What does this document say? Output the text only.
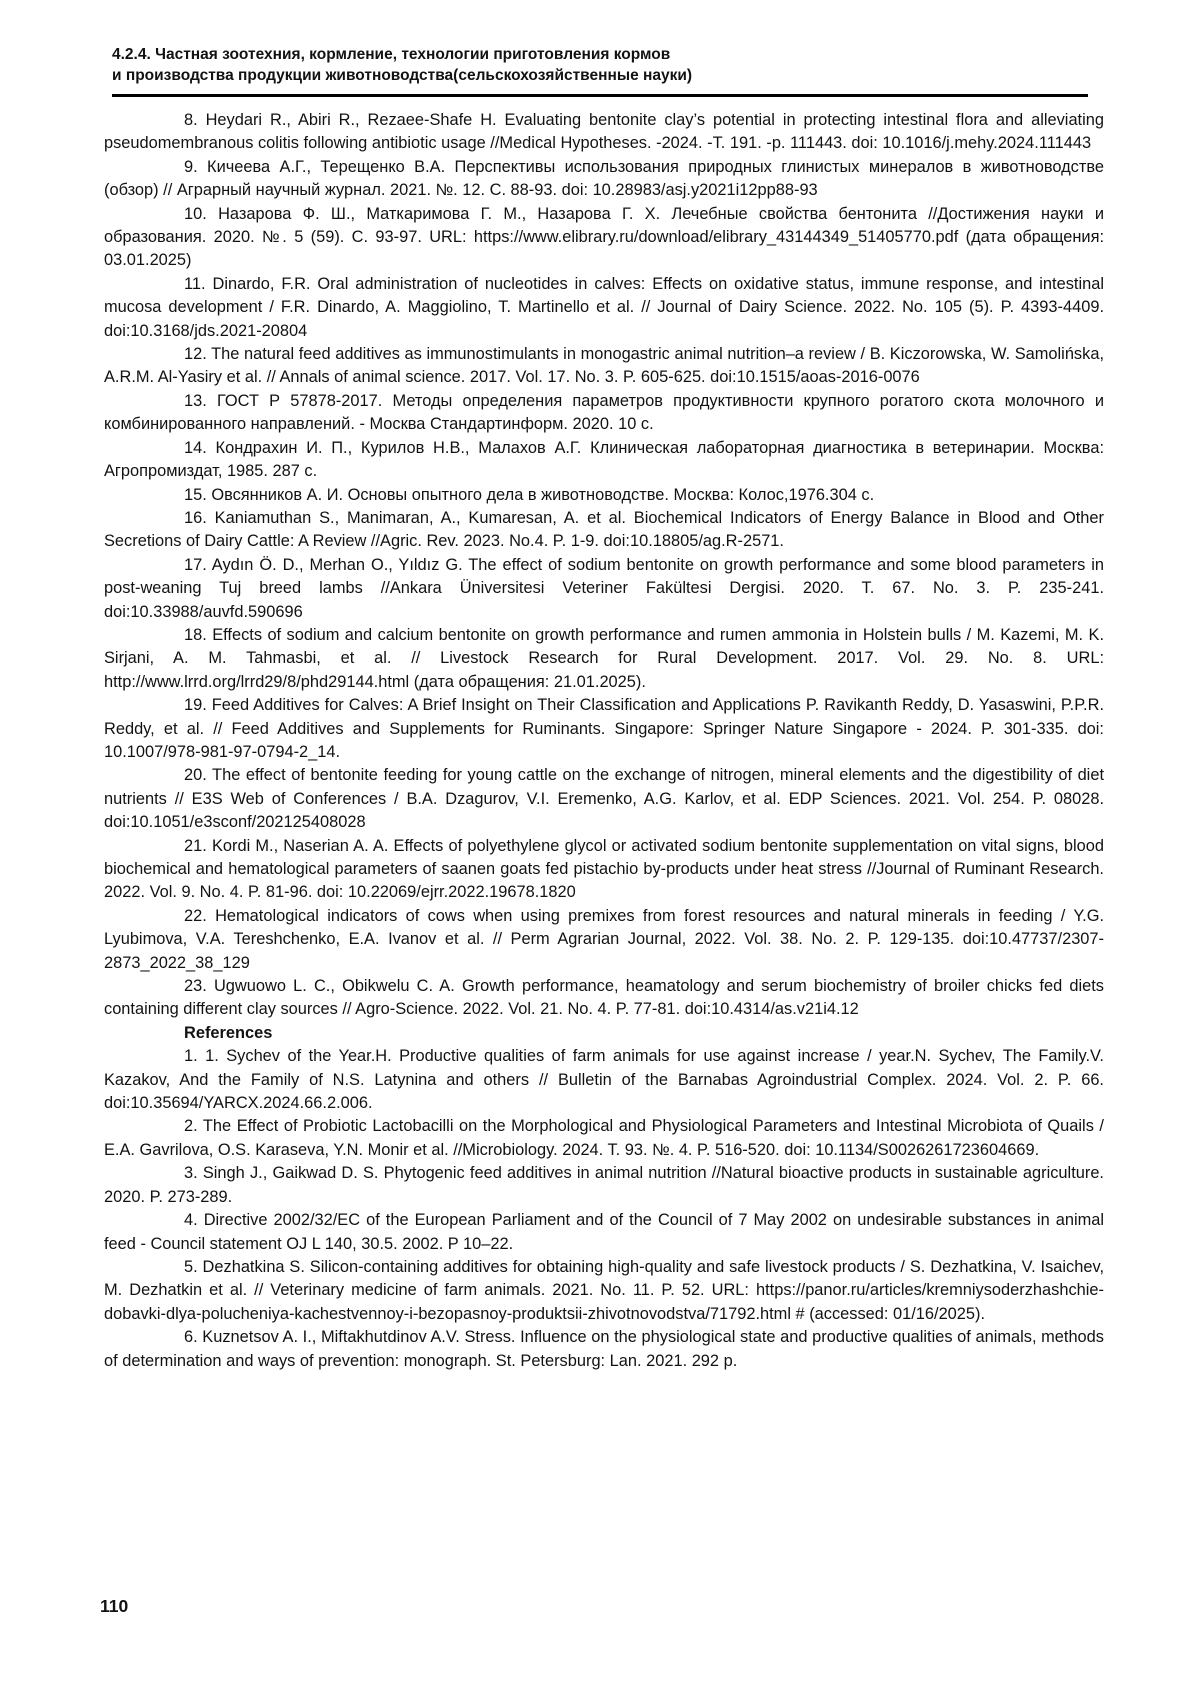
4.2.4. Частная зоотехния, кормление, технологии приготовления кормов
и производства продукции животноводства(сельскохозяйственные науки)

8. Heydari R., Abiri R., Rezaee-Shafe H. Evaluating bentonite clay’s potential in protecting intestinal flora and alleviating pseudomembranous colitis following antibiotic usage //Medical Hypotheses. -2024. -Т. 191. -p. 111443. doi: 10.1016/j.mehy.2024.111443

9. Кичеева А.Г., Терещенко В.А. Перспективы использования природных глинистых минералов в животноводстве (обзор) // Аграрный научный журнал. 2021. №. 12. С. 88-93. doi: 10.28983/asj.y2021i12pp88-93

10. Назарова Ф. Ш., Маткаримова Г. М., Назарова Г. Х. Лечебные свойства бентонита //Достижения науки и образования. 2020. №. 5 (59). С. 93-97. URL: https://www.elibrary.ru/download/elibrary_43144349_51405770.pdf (дата обращения: 03.01.2025)

11. Dinardo, F.R. Oral administration of nucleotides in calves: Effects on oxidative status, immune response, and intestinal mucosa development / F.R. Dinardo, A. Maggiolino, T. Martinello et al. // Journal of Dairy Science. 2022. No. 105 (5). P. 4393-4409. doi:10.3168/jds.2021-20804

12. The natural feed additives as immunostimulants in monogastric animal nutrition–a review / B. Kiczorowska, W. Samolińska, A.R.M. Al-Yasiry et al. // Annals of animal science. 2017. Vol. 17. No. 3. P. 605-625. doi:10.1515/aoas-2016-0076

13. ГОСТ Р 57878-2017. Методы определения параметров продуктивности крупного рогатого скота молочного и комбинированного направлений. - Москва Стандартинформ. 2020. 10 с.

14. Кондрахин И. П., Курилов Н.В., Малахов А.Г. Клиническая лабораторная диагностика в ветеринарии. Москва: Агропромиздат, 1985. 287 с.

15. Овсянников А. И. Основы опытного дела в животноводстве. Москва: Колос,1976.304 с.

16. Kaniamuthan S., Manimaran, A., Kumaresan, A. et al. Biochemical Indicators of Energy Balance in Blood and Other Secretions of Dairy Cattle: A Review //Agric. Rev. 2023. No.4. P. 1-9. doi:10.18805/ag.R-2571.

17. Aydın Ö. D., Merhan O., Yıldız G. The effect of sodium bentonite on growth performance and some blood parameters in post-weaning Tuj breed lambs //Ankara Üniversitesi Veteriner Fakültesi Dergisi. 2020. T. 67. No. 3. P. 235-241. doi:10.33988/auvfd.590696

18. Effects of sodium and calcium bentonite on growth performance and rumen ammonia in Holstein bulls / M. Kazemi, M. K. Sirjani, A. M. Tahmasbi, et al. // Livestock Research for Rural Development. 2017. Vol. 29. No. 8. URL: http://www.lrrd.org/lrrd29/8/phd29144.html (дата обращения: 21.01.2025).

19. Feed Additives for Calves: A Brief Insight on Their Classification and Applications P. Ravikanth Reddy, D. Yasaswini, P.P.R. Reddy, et al. // Feed Additives and Supplements for Ruminants. Singapore: Springer Nature Singapore - 2024. P. 301-335. doi: 10.1007/978-981-97-0794-2_14.

20. The effect of bentonite feeding for young cattle on the exchange of nitrogen, mineral elements and the digestibility of diet nutrients // E3S Web of Conferences / B.A. Dzagurov, V.I. Eremenko, A.G. Karlov, et al. EDP Sciences. 2021. Vol. 254. P. 08028. doi:10.1051/e3sconf/202125408028

21. Kordi M., Naserian A. A. Effects of polyethylene glycol or activated sodium bentonite supplementation on vital signs, blood biochemical and hematological parameters of saanen goats fed pistachio by-products under heat stress //Journal of Ruminant Research. 2022. Vol. 9. No. 4. P. 81-96. doi: 10.22069/ejrr.2022.19678.1820

22. Hematological indicators of cows when using premixes from forest resources and natural minerals in feeding / Y.G. Lyubimova, V.A. Tereshchenko, E.A. Ivanov et al. // Perm Agrarian Journal, 2022. Vol. 38. No. 2. P. 129-135. doi:10.47737/2307-2873_2022_38_129

23. Ugwuowo L. C., Obikwelu C. A. Growth performance, heamatology and serum biochemistry of broiler chicks fed diets containing different clay sources // Agro-Science. 2022. Vol. 21. No. 4. P. 77-81. doi:10.4314/as.v21i4.12

References

1. 1. Sychev of the Year.H. Productive qualities of farm animals for use against increase / year.N. Sychev, The Family.V. Kazakov, And the Family of N.S. Latynina and others // Bulletin of the Barnabas Agroindustrial Complex. 2024. Vol. 2. P. 66. doi:10.35694/YARCX.2024.66.2.006.

2. The Effect of Probiotic Lactobacilli on the Morphological and Physiological Parameters and Intestinal Microbiota of Quails / E.A. Gavrilova, O.S. Karaseva, Y.N. Monir et al. //Microbiology. 2024. T. 93. №. 4. P. 516-520. doi: 10.1134/S0026261723604669.

3. Singh J., Gaikwad D. S. Phytogenic feed additives in animal nutrition //Natural bioactive products in sustainable agriculture. 2020. P. 273-289.

4. Directive 2002/32/EC of the European Parliament and of the Council of 7 May 2002 on undesirable substances in animal feed - Council statement OJ L 140, 30.5. 2002. P 10–22.

5. Dezhatkina S. Silicon-containing additives for obtaining high-quality and safe livestock products / S. Dezhatkina, V. Isaichev, M. Dezhatkin et al. // Veterinary medicine of farm animals. 2021. No. 11. P. 52. URL: https://panor.ru/articles/kremniysoderzhashchie-dobavki-dlya-polucheniya-kachestvennoy-i-bezopasnoy-produktsii-zhivotnovodstva/71792.html # (accessed: 01/16/2025).

6. Kuznetsov A. I., Miftakhutdinov A.V. Stress. Influence on the physiological state and productive qualities of animals, methods of determination and ways of prevention: monograph. St. Petersburg: Lan. 2021. 292 p.

110
